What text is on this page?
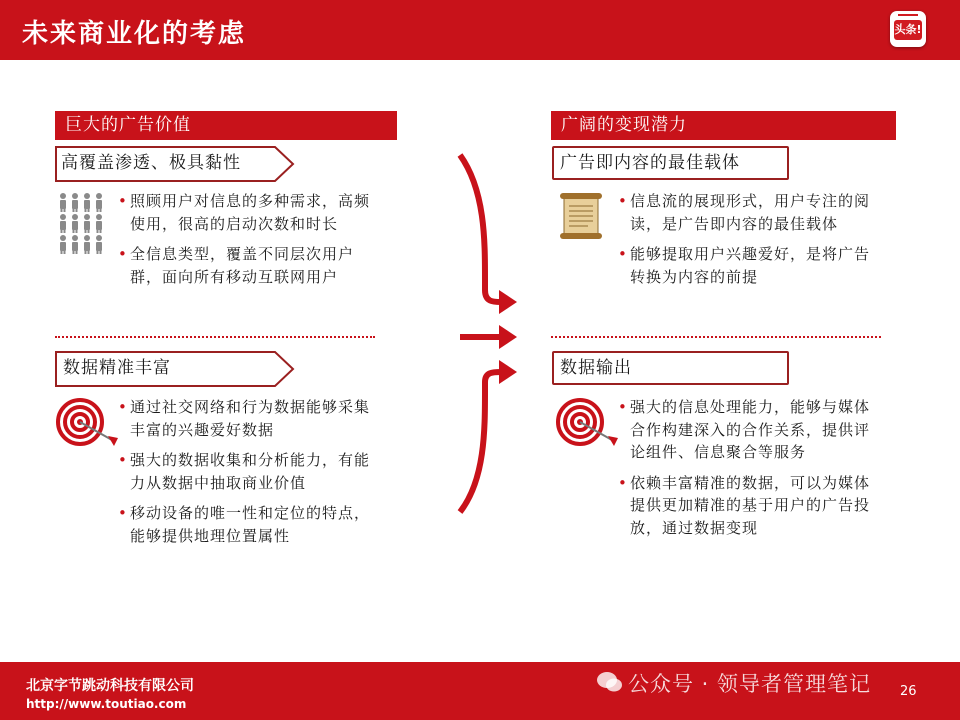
未来商业化的考虑	头条!
巨大的广告价值
高覆盖渗透、极具黏性
• 照顾用户对信息的多种需求，高频使用，很高的启动次数和时长
• 全信息类型，覆盖不同层次用户群，面向所有移动互联网用户
数据精准丰富
• 通过社交网络和行为数据能够采集丰富的兴趣爱好数据
• 强大的数据收集和分析能力，有能力从数据中抽取商业价值
• 移动设备的唯一性和定位的特点，能够提供地理位置属性
广阔的变现潜力
广告即内容的最佳载体
• 信息流的展现形式，用户专注的阅读，是广告即内容的最佳载体
• 能够提取用户兴趣爱好，是将广告转换为内容的前提
数据输出
• 强大的信息处理能力，能够与媒体合作构建深入的合作关系，提供评论组件、信息聚合等服务
• 依赖丰富精准的数据，可以为媒体提供更加精准的基于用户的广告投放，通过数据变现
北京字节跳动科技有限公司
http://www.toutiao.com
公众号 · 领导者管理笔记 26
